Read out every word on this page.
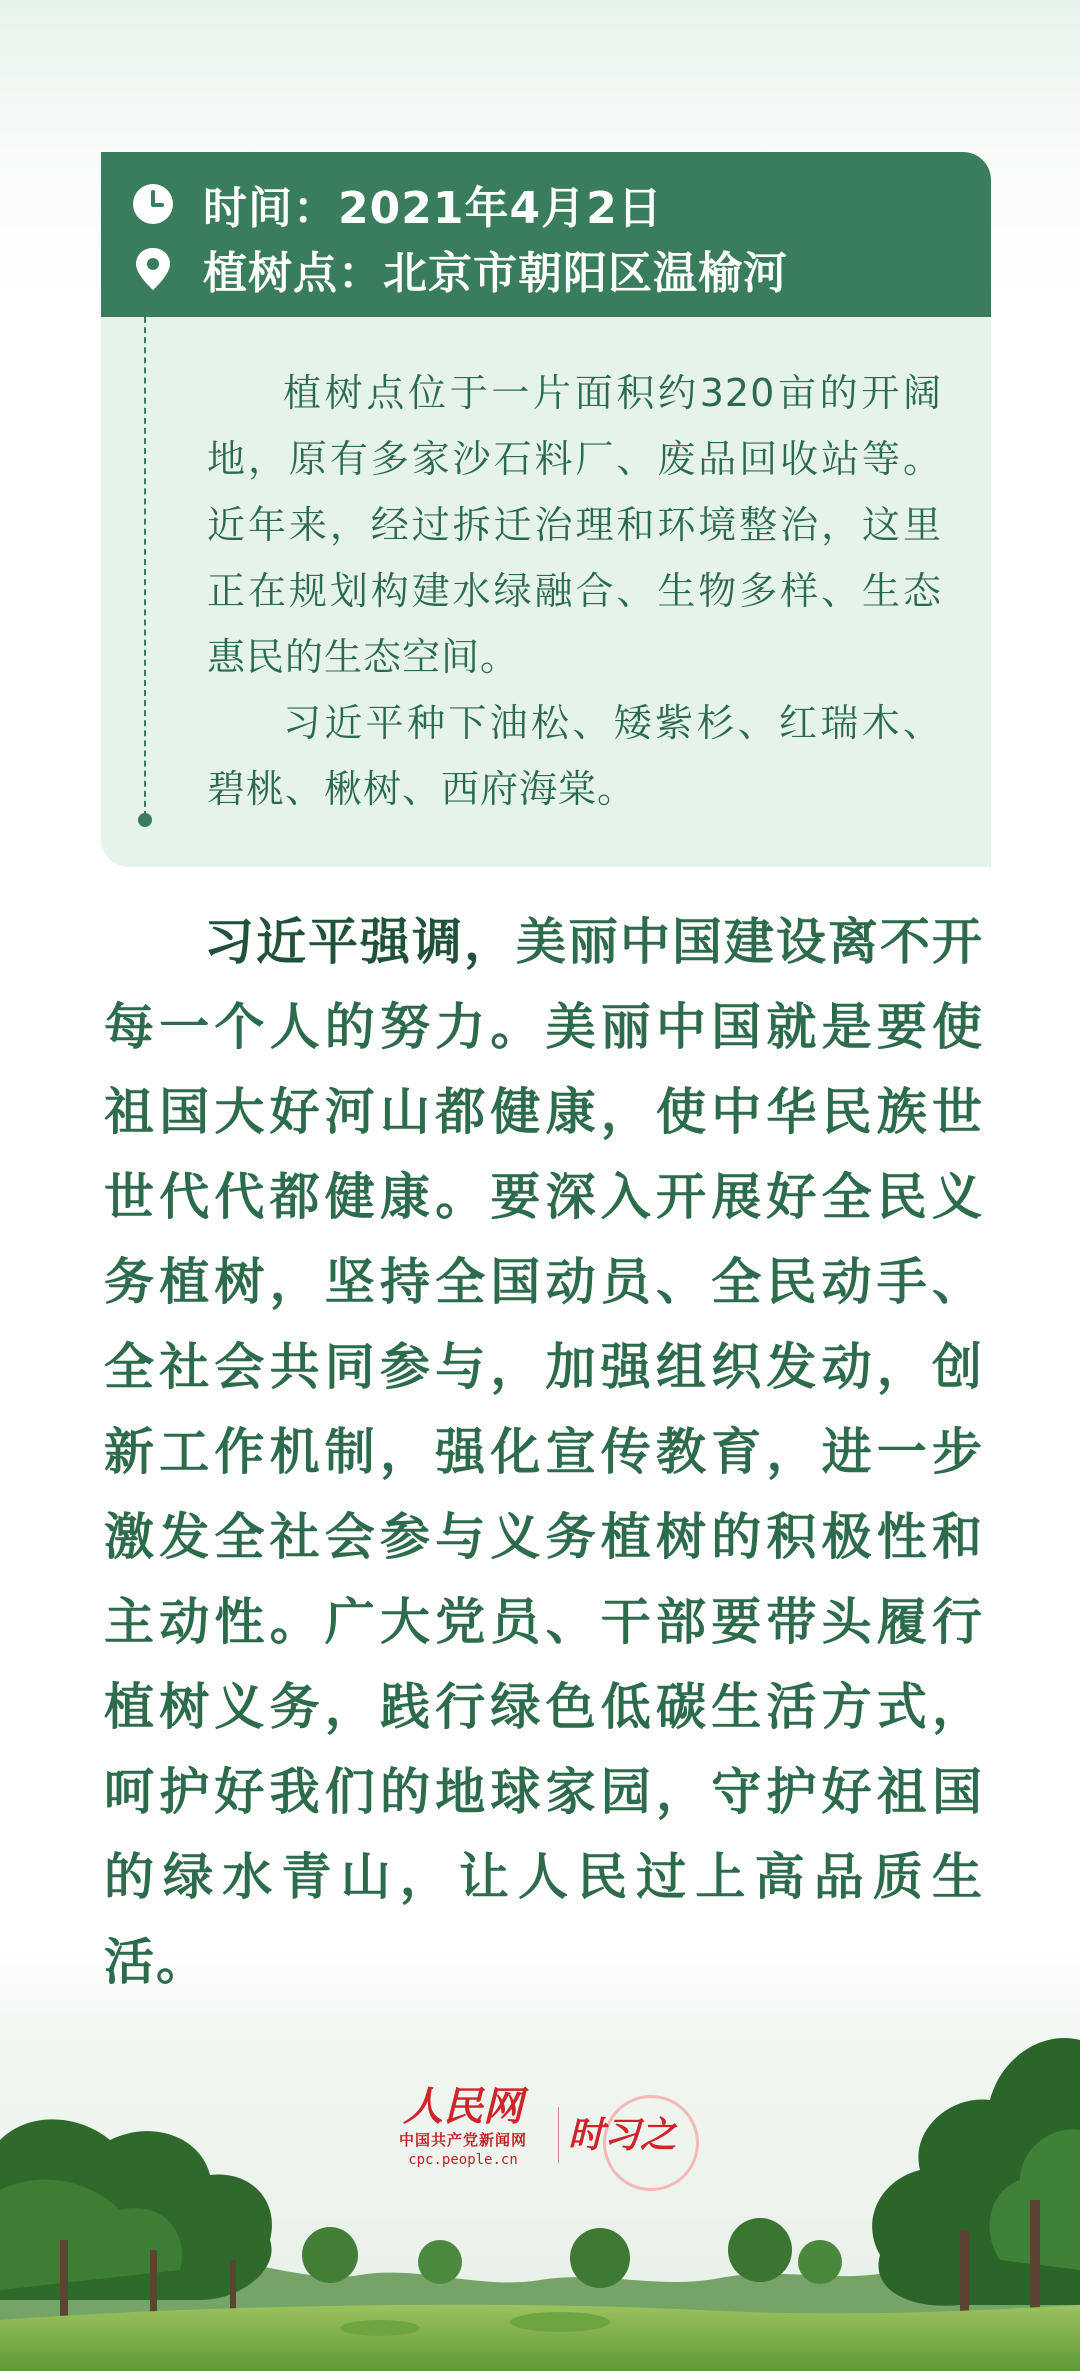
时间：2021年4月2日
植树点：北京市朝阳区温榆河

植树点位于一片面积约320亩的开阔地，原有多家沙石料厂、废品回收站等。近年来，经过拆迁治理和环境整治，这里正在规划构建水绿融合、生物多样、生态惠民的生态空间。

习近平种下油松、矮紫杉、红瑞木、碧桃、楸树、西府海棠。

习近平强调，美丽中国建设离不开每一个人的努力。美丽中国就是要使祖国大好河山都健康，使中华民族世世代代都健康。要深入开展好全民义务植树，坚持全国动员、全民动手、全社会共同参与，加强组织发动，创新工作机制，强化宣传教育，进一步激发全社会参与义务植树的积极性和主动性。广大党员、干部要带头履行植树义务，践行绿色低碳生活方式，呵护好我们的地球家园，守护好祖国的绿水青山，让人民过上高品质生活。

人民网
中国共产党新闻网
cpc.people.cn
时习之
